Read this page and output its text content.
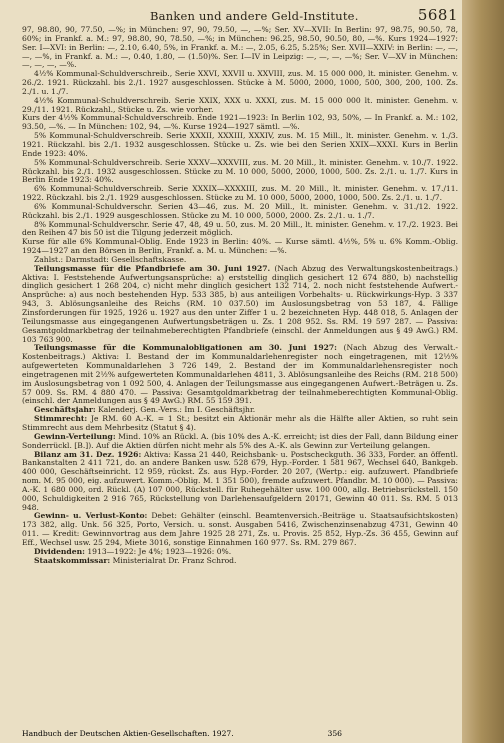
Banken und andere Geld-Institute.	5681

97, 98.80, 90, 77.50, —%; in München: 97, 90, 79.50, —, —%; Ser. XV—XVII: In Berlin: 97, 98.75, 90.50, 78, 60%; in Frankf. a. M.: 97, 98.80, 90, 78.50, —%; in München: 96.25, 98.50, 90.50, 80, —%. Kurs 1924—1927: Ser. I—XVI: in Berlin: —, 2.10, 6.40, 5%, in Frankf. a. M.: —, 2.05, 6.25, 5.25%; Ser. XVII—XXIV: in Berlin: —, —, —, —%, in Frankf. a. M.: —, 0.40, 1.80, — (1.50)%. Ser. I—IV in Leipzig: —, —, —, —%; Ser. V—XV in München: —, —, —, —%.

4½% Kommunal-Schuldverschreib., Serie XXVI, XXVII u. XXVIII, zus. M. 15 000 000, lt. minister. Genehm. v. 26./2. 1921. Rückzahl. bis 2./1. 1927 ausgeschlossen. Stücke à M. 5000, 2000, 1000, 500, 300, 200, 100. Zs. 2./1. u. 1./7.

4½% Kommunal-Schuldverschreib. Serie XXIX, XXX u. XXXI, zus. M. 15 000 000 lt. minister. Genehm. v. 29./11. 1921. Rückzahl., Stücke u. Zs. wie vorher.

Kurs der 4½% Kommunal-Schuldverschreib. Ende 1921—1923: In Berlin 102, 93, 50%, — In Frankf. a. M.: 102, 93.50, —%. — In München: 102, 94, —%. Kurse 1924—1927 sämtl. —%.

5% Kommunal-Schuldverschreib. Serie XXXII, XXXIII, XXXIV, zus. M. 15 Mill., lt. minister. Genehm. v. 1./3. 1921. Rückzahl. bis 2./1. 1932 ausgeschlossen. Stücke u. Zs. wie bei den Serien XXIX—XXXI. Kurs in Berlin Ende 1923: 40%.

5% Kommunal-Schuldverschreib. Serie XXXV—XXXVIII, zus. M. 20 Mill., lt. minister. Genehm. v. 10./7. 1922. Rückzahl. bis 2./1. 1932 ausgeschlossen. Stücke zu M. 10 000, 5000, 2000, 1000, 500. Zs. 2./1. u. 1./7. Kurs in Berlin Ende 1923: 40%.

6% Kommunal-Schuldverschreib. Serie XXXIX—XXXXIII, zus. M. 20 Mill., lt. minister. Genehm. v. 17./11. 1922. Rückzahl. bis 2./1. 1929 ausgeschlossen. Stücke zu M. 10 000, 5000, 2000, 1000, 500. Zs. 2./1. u. 1./7.

6% Kommunal-Schuldverschr. Serien 43—46, zus. M. 20 Mill., lt. minister. Genehm. v. 31./12. 1922. Rückzahl. bis 2./1. 1929 ausgeschlossen. Stücke zu M. 10 000, 5000, 2000. Zs. 2./1. u. 1./7.

8% Kommunal-Schuldverschr. Serie 47, 48, 49 u. 50, zus. M. 20 Mill., lt. minister. Genehm. v. 17./2. 1923. Bei den Reihen 47 bis 50 ist die Tilgung jederzeit möglich.

Kurse für alle 6% Kommunal-Oblig. Ende 1923 in Berlin: 40%. — Kurse sämtl. 4½%, 5% u. 6% Komm.-Oblig. 1924—1927 an den Börsen in Berlin, Frankf. a. M. u. München: —%.

Zahlst.: Darmstadt: Gesellschaftskasse.

Teilungsmasse für die Pfandbriefe am 30. Juni 1927. (Nach Abzug des Verwaltungskostenbeitrags.) Aktiva: I. Feststehende Aufwertungsansprüche: a) erststellig dinglich gesichert 12 674 880, b) nachstellig dinglich gesichert 1 268 204, c) nicht mehr dinglich gesichert 132 714, 2. noch nicht feststehende Aufwert.-Ansprüche: a) aus noch bestehenden Hyp. 533 385, b) aus anteiligen Vorbehalts- u. Rückwirkungs-Hyp. 3 337 943, 3. Ablösungsanleihe des Reichs (RM. 10 037.50) im Auslosungsbetrag von 53 187, 4. Fällige Zinsforderungen für 1925, 1926 u. 1927 aus den unter Ziffer 1 u. 2 bezeichneten Hyp. 448 018, 5. Anlagen der Teilungsmasse aus eingegangenen Aufwertungsbeträgen u. Zs. 1 208 952. Ss. RM. 19 597 287. — Passiva: Gesamtgoldmarkbetrag der teilnahmeberechtigten Pfandbriefe (einschl. der Anmeldungen aus § 49 AwG.) RM. 103 763 900.

Teilungsmasse für die Kommunalobligationen am 30. Juni 1927: (Nach Abzug des Verwalt.-Kostenbeitrags.) Aktiva: I. Bestand der im Kommunaldarlehenregister noch eingetragenen, mit 12½% aufgewerteten Kommunaldarlehen 3 726 149, 2. Bestand der im Kommunaldarlehensregister noch eingetragenen mit 2½% aufgewerteten Kommunaldarlehen 4811, 3. Ablösungsanleihe des Reichs (RM. 218 500) im Auslosungsbetrag von 1 092 500, 4. Anlagen der Teilungsmasse aus eingegangenen Aufwert.-Beträgen u. Zs. 57 009. Ss. RM. 4 880 470. — Passiva: Gesamtgoldmarkbetrag der teilnahmeberechtigten Kommunal-Oblig. (einschl. der Anmeldungen aus § 49 AwG.) RM. 55 159 391.

Geschäftsjahr: Kalenderj. Gen.-Vers.: Im I. Geschäftsjhr.

Stimmrecht: Je RM. 60 A.-K. = 1 St.; besitzt ein Aktionär mehr als die Hälfte aller Aktien, so ruht sein Stimmrecht aus dem Mehrbesitz (Statut § 4).

Gewinn-Verteilung: Mind. 10% an Rückl. A. (bis 10% des A.-K. erreicht; ist dies der Fall, dann Bildung einer Sonderrückl. [B.]). Auf die Aktien dürfen nicht mehr als 5% des A.-K. als Gewinn zur Verteilung gelangen.

Bilanz am 31. Dez. 1926: Aktiva: Kassa 21 440, Reichsbank- u. Postscheckguth. 36 333, Forder. an öffentl. Bankanstalten 2 411 721, do. an andere Banken usw. 528 679, Hyp.-Forder. 1 581 967, Wechsel 640, Bankgeb. 400 000, Geschäftseinricht. 12 959, rückst. Zs. aus Hyp.-Forder. 20 207, (Wertp.: eig. aufzuwert. Pfandbriefe nom. M. 95 000, eig. aufzuwert. Komm.-Oblig. M. 1 351 500), fremde aufzuwert. Pfandbr. M. 10 000). — Passiva: A.-K. 1 680 000, ord. Rückl. (A) 107 000, Rückstell. für Ruhegehälter usw. 100 000, allg. Betriebsrückstell. 150 000, Schuldigkeiten 2 916 765, Rückstellung von Darlehensaufgeldern 20171, Gewinn 40 011. Ss. RM. 5 013 948.

Gewinn- u. Verlust-Konto: Debet: Gehälter (einschl. Beamtenversich.-Beiträge u. Staatsaufsichtskosten) 173 382, allg. Unk. 56 325, Porto, Versich. u. sonst. Ausgaben 5416, Zwischenzinsenabzug 4731, Gewinn 40 011. — Kredit: Gewinnvortrag aus dem Jahre 1925 28 271, Zs. u. Provis. 25 852, Hyp.-Zs. 36 455, Gewinn auf Eff., Wechsel usw. 25 294, Miete 3016, sonstige Einnahmen 160 977. Ss. RM. 279 867.

Dividenden: 1913—1922: Je 4%; 1923—1926: 0%.

Staatskommissar: Ministerialrat Dr. Franz Schrod.

Handbuch der Deutschen Aktien-Gesellschaften. 1927.	356
